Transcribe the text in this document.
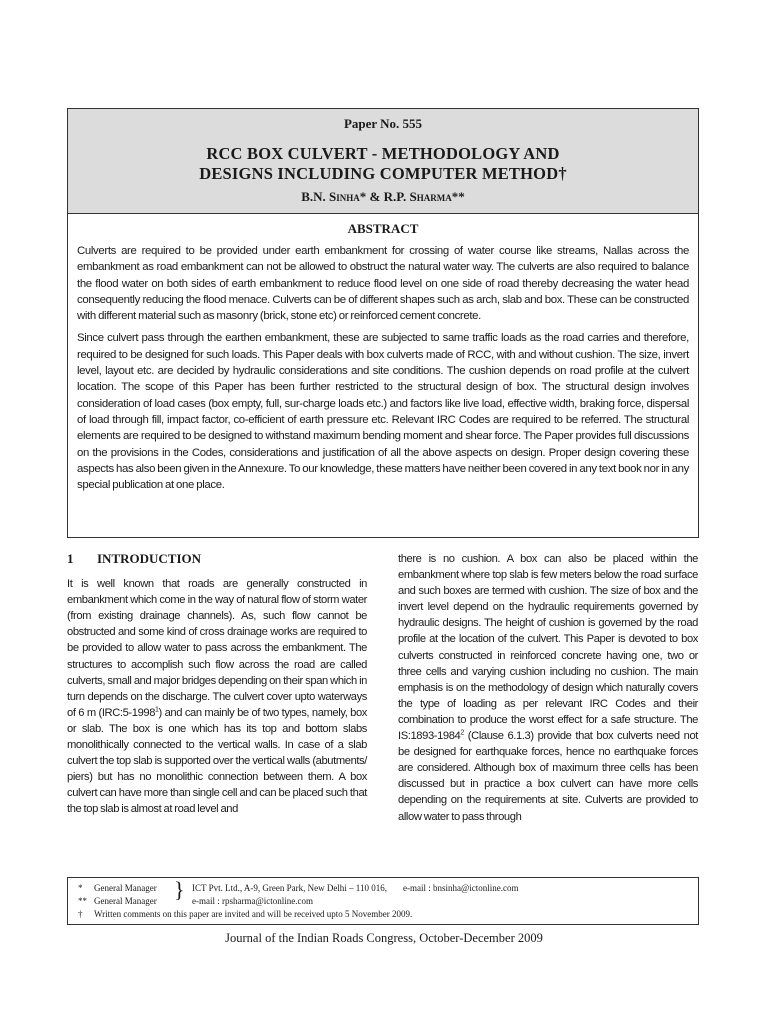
Paper No. 555
RCC BOX CULVERT - METHODOLOGY AND
DESIGNS INCLUDING COMPUTER METHOD†
B.N. Sinha* & R.P. Sharma**
ABSTRACT

Culverts are required to be provided under earth embankment for crossing of water course like streams, Nallas across the embankment as road embankment can not be allowed to obstruct the natural water way. The culverts are also required to balance the flood water on both sides of earth embankment to reduce flood level on one side of road thereby decreasing the water head consequently reducing the flood menace. Culverts can be of different shapes such as arch, slab and box. These can be constructed with different material such as masonry (brick, stone etc) or reinforced cement concrete.

Since culvert pass through the earthen embankment, these are subjected to same traffic loads as the road carries and therefore, required to be designed for such loads. This Paper deals with box culverts made of RCC, with and without cushion. The size, invert level, layout etc. are decided by hydraulic considerations and site conditions. The cushion depends on road profile at the culvert location. The scope of this Paper has been further restricted to the structural design of box. The structural design involves consideration of load cases (box empty, full, sur-charge loads etc.) and factors like live load, effective width, braking force, dispersal of load through fill, impact factor, co-efficient of earth pressure etc. Relevant IRC Codes are required to be referred. The structural elements are required to be designed to withstand maximum bending moment and shear force. The Paper provides full discussions on the provisions in the Codes, considerations and justification of all the above aspects on design. Proper design covering these aspects has also been given in the Annexure. To our knowledge, these matters have neither been covered in any text book nor in any special publication at one place.

1 INTRODUCTION

It is well known that roads are generally constructed in embankment which come in the way of natural flow of storm water (from existing drainage channels). As, such flow cannot be obstructed and some kind of cross drainage works are required to be provided to allow water to pass across the embankment. The structures to accomplish such flow across the road are called culverts, small and major bridges depending on their span which in turn depends on the discharge. The culvert cover upto waterways of 6 m (IRC:5-1998$^1$) and can mainly be of two types, namely, box or slab. The box is one which has its top and bottom slabs monolithically connected to the vertical walls. In case of a slab culvert the top slab is supported over the vertical walls (abutments/ piers) but has no monolithic connection between them. A box culvert can have more than single cell and can be placed such that the top slab is almost at road level and

there is no cushion. A box can also be placed within the embankment where top slab is few meters below the road surface and such boxes are termed with cushion. The size of box and the invert level depend on the hydraulic requirements governed by hydraulic designs. The height of cushion is governed by the road profile at the location of the culvert. This Paper is devoted to box culverts constructed in reinforced concrete having one, two or three cells and varying cushion including no cushion. The main emphasis is on the methodology of design which naturally covers the type of loading as per relevant IRC Codes and their combination to produce the worst effect for a safe structure. The IS:1893-1984$^2$ (Clause 6.1.3) provide that box culverts need not be designed for earthquake forces, hence no earthquake forces are considered. Although box of maximum three cells has been discussed but in practice a box culvert can have more cells depending on the requirements at site. Culverts are provided to allow water to pass through

*	General Manager
** General Manager } ICT Pvt. Ltd., A-9, Green Park, New Delhi – 110 016, e-mail : bnsinha@ictonline.com
e-mail : rpsharma@ictonline.com
†	Written comments on this paper are invited and will be received upto 5 November 2009.
Journal of the Indian Roads Congress, October-December 2009
